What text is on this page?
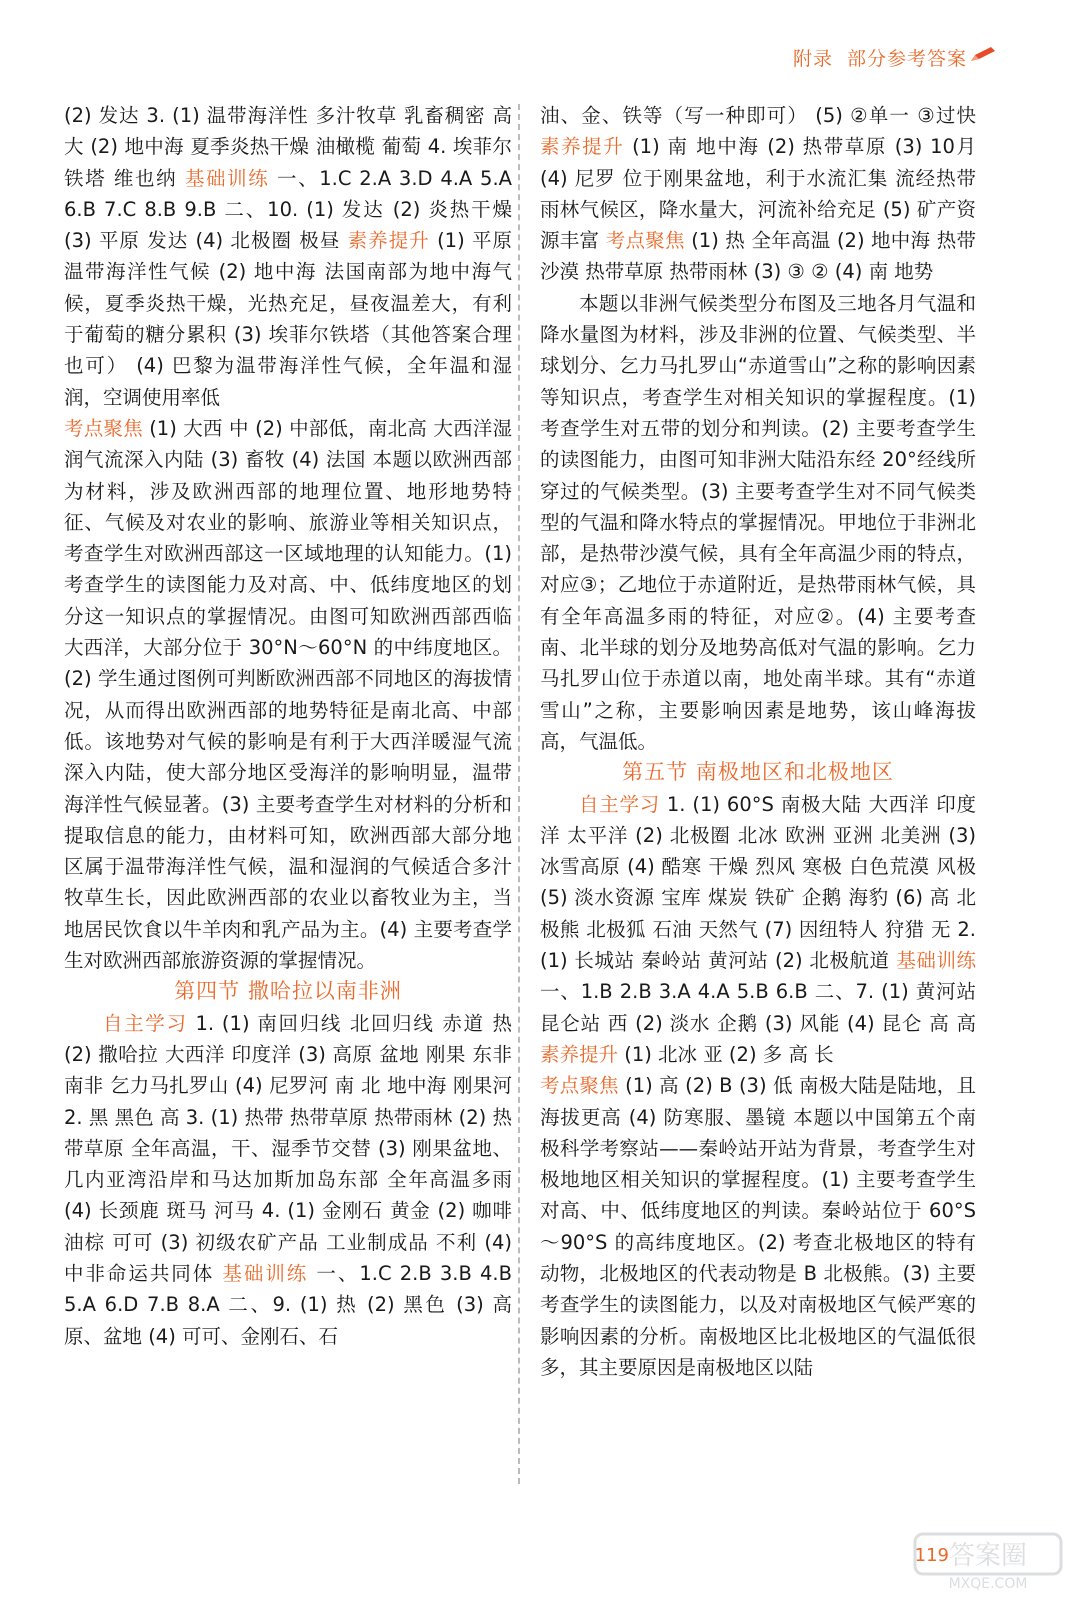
附录 部分参考答案

(2) 发达 3. (1) 温带海洋性 多汁牧草 乳畜稠密 高 大 (2) 地中海 夏季炎热干燥 油橄榄 葡萄 4. 埃菲尔铁塔 维也纳 基础训练 一、1.C 2.A 3.D 4.A 5.A 6.B 7.C 8.B 9.B 二、10. (1) 发达 (2) 炎热干燥 (3) 平原 发达 (4) 北极圈 极昼 素养提升 (1) 平原 温带海洋性气候 (2) 地中海 法国南部为地中海气候，夏季炎热干燥，光热充足，昼夜温差大，有利于葡萄的糖分累积 (3) 埃菲尔铁塔（其他答案合理也可） (4) 巴黎为温带海洋性气候，全年温和湿润，空调使用率低

考点聚焦 (1) 大西 中 (2) 中部低，南北高 大西洋湿润气流深入内陆 (3) 畜牧 (4) 法国 本题以欧洲西部为材料，涉及欧洲西部的地理位置、地形地势特征、气候及对农业的影响、旅游业等相关知识点，考查学生对欧洲西部这一区域地理的认知能力。(1) 考查学生的读图能力及对高、中、低纬度地区的划分这一知识点的掌握情况。由图可知欧洲西部西临大西洋，大部分位于 30°N～60°N 的中纬度地区。(2) 学生通过图例可判断欧洲西部不同地区的海拔情况，从而得出欧洲西部的地势特征是南北高、中部低。该地势对气候的影响是有利于大西洋暖湿气流深入内陆，使大部分地区受海洋的影响明显，温带海洋性气候显著。(3) 主要考查学生对材料的分析和提取信息的能力，由材料可知，欧洲西部大部分地区属于温带海洋性气候，温和湿润的气候适合多汁牧草生长，因此欧洲西部的农业以畜牧业为主，当地居民饮食以牛羊肉和乳产品为主。(4) 主要考查学生对欧洲西部旅游资源的掌握情况。

第四节 撒哈拉以南非洲

自主学习 1. (1) 南回归线 北回归线 赤道 热 (2) 撒哈拉 大西洋 印度洋 (3) 高原 盆地 刚果 东非 南非 乞力马扎罗山 (4) 尼罗河 南 北 地中海 刚果河 2. 黑 黑色 高 3. (1) 热带 热带草原 热带雨林 (2) 热带草原 全年高温，干、湿季节交替 (3) 刚果盆地、几内亚湾沿岸和马达加斯加岛东部 全年高温多雨 (4) 长颈鹿 斑马 河马 4. (1) 金刚石 黄金 (2) 咖啡 油棕 可可 (3) 初级农矿产品 工业制成品 不利 (4) 中非命运共同体 基础训练 一、1.C 2.B 3.B 4.B 5.A 6.D 7.B 8.A 二、9. (1) 热 (2) 黑色 (3) 高原、盆地 (4) 可可、金刚石、石

油、金、铁等（写一种即可） (5) ②单一 ③过快 素养提升 (1) 南 地中海 (2) 热带草原 (3) 10月 (4) 尼罗 位于刚果盆地，利于水流汇集 流经热带雨林气候区，降水量大，河流补给充足 (5) 矿产资源丰富 考点聚焦 (1) 热 全年高温 (2) 地中海 热带沙漠 热带草原 热带雨林 (3) ③ ② (4) 南 地势

本题以非洲气候类型分布图及三地各月气温和降水量图为材料，涉及非洲的位置、气候类型、半球划分、乞力马扎罗山“赤道雪山”之称的影响因素等知识点，考查学生对相关知识的掌握程度。(1) 考查学生对五带的划分和判读。(2) 主要考查学生的读图能力，由图可知非洲大陆沿东经 20°经线所穿过的气候类型。(3) 主要考查学生对不同气候类型的气温和降水特点的掌握情况。甲地位于非洲北部，是热带沙漠气候，具有全年高温少雨的特点，对应③；乙地位于赤道附近，是热带雨林气候，具有全年高温多雨的特征，对应②。(4) 主要考查南、北半球的划分及地势高低对气温的影响。乞力马扎罗山位于赤道以南，地处南半球。其有“赤道雪山”之称，主要影响因素是地势，该山峰海拔高，气温低。

第五节 南极地区和北极地区

自主学习 1. (1) 60°S 南极大陆 大西洋 印度洋 太平洋 (2) 北极圈 北冰 欧洲 亚洲 北美洲 (3) 冰雪高原 (4) 酷寒 干燥 烈风 寒极 白色荒漠 风极 (5) 淡水资源 宝库 煤炭 铁矿 企鹅 海豹 (6) 高 北极熊 北极狐 石油 天然气 (7) 因纽特人 狩猎 无 2. (1) 长城站 秦岭站 黄河站 (2) 北极航道 基础训练 一、1.B 2.B 3.A 4.A 5.B 6.B 二、7. (1) 黄河站 昆仑站 西 (2) 淡水 企鹅 (3) 风能 (4) 昆仑 高 高 素养提升 (1) 北冰 亚 (2) 多 高 长

考点聚焦 (1) 高 (2) B (3) 低 南极大陆是陆地，且海拔更高 (4) 防寒服、墨镜 本题以中国第五个南极科学考察站——秦岭站开站为背景，考查学生对极地地区相关知识的掌握程度。(1) 主要考查学生对高、中、低纬度地区的判读。秦岭站位于 60°S～90°S 的高纬度地区。(2) 考查北极地区的特有动物，北极地区的代表动物是 B 北极熊。(3) 主要考查学生的读图能力，以及对南极地区气候严寒的影响因素的分析。南极地区比北极地区的气温低很多，其主要原因是南极地区以陆

119 答案圈
MXQE.COM
